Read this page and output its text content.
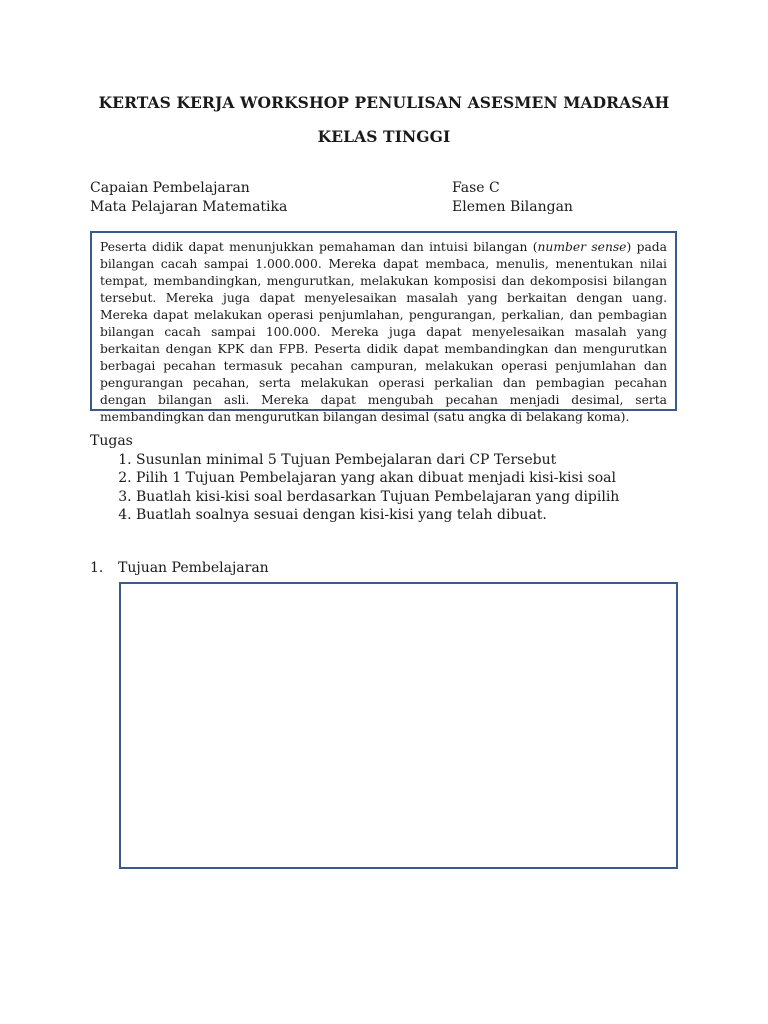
KERTAS KERJA WORKSHOP PENULISAN ASESMEN MADRASAH
KELAS TINGGI
Capaian Pembelajaran
Mata Pelajaran Matematika
Fase C
Elemen Bilangan

Peserta didik dapat menunjukkan pemahaman dan intuisi bilangan (number sense) pada bilangan cacah sampai 1.000.000. Mereka dapat membaca, menulis, menentukan nilai tempat, membandingkan, mengurutkan, melakukan komposisi dan dekomposisi bilangan tersebut. Mereka juga dapat menyelesaikan masalah yang berkaitan dengan uang. Mereka dapat melakukan operasi penjumlahan, pengurangan, perkalian, dan pembagian bilangan cacah sampai 100.000. Mereka juga dapat menyelesaikan masalah yang berkaitan dengan KPK dan FPB. Peserta didik dapat membandingkan dan mengurutkan berbagai pecahan termasuk pecahan campuran, melakukan operasi penjumlahan dan pengurangan pecahan, serta melakukan operasi perkalian dan pembagian pecahan dengan bilangan asli. Mereka dapat mengubah pecahan menjadi desimal, serta membandingkan dan mengurutkan bilangan desimal (satu angka di belakang koma).

Tugas
1. Susunlan minimal 5 Tujuan Pembejalaran dari CP Tersebut
2. Pilih 1 Tujuan Pembelajaran yang akan dibuat menjadi kisi-kisi soal
3. Buatlah kisi-kisi soal berdasarkan Tujuan Pembelajaran yang dipilih
4. Buatlah soalnya sesuai dengan kisi-kisi yang telah dibuat.
1. Tujuan Pembelajaran
